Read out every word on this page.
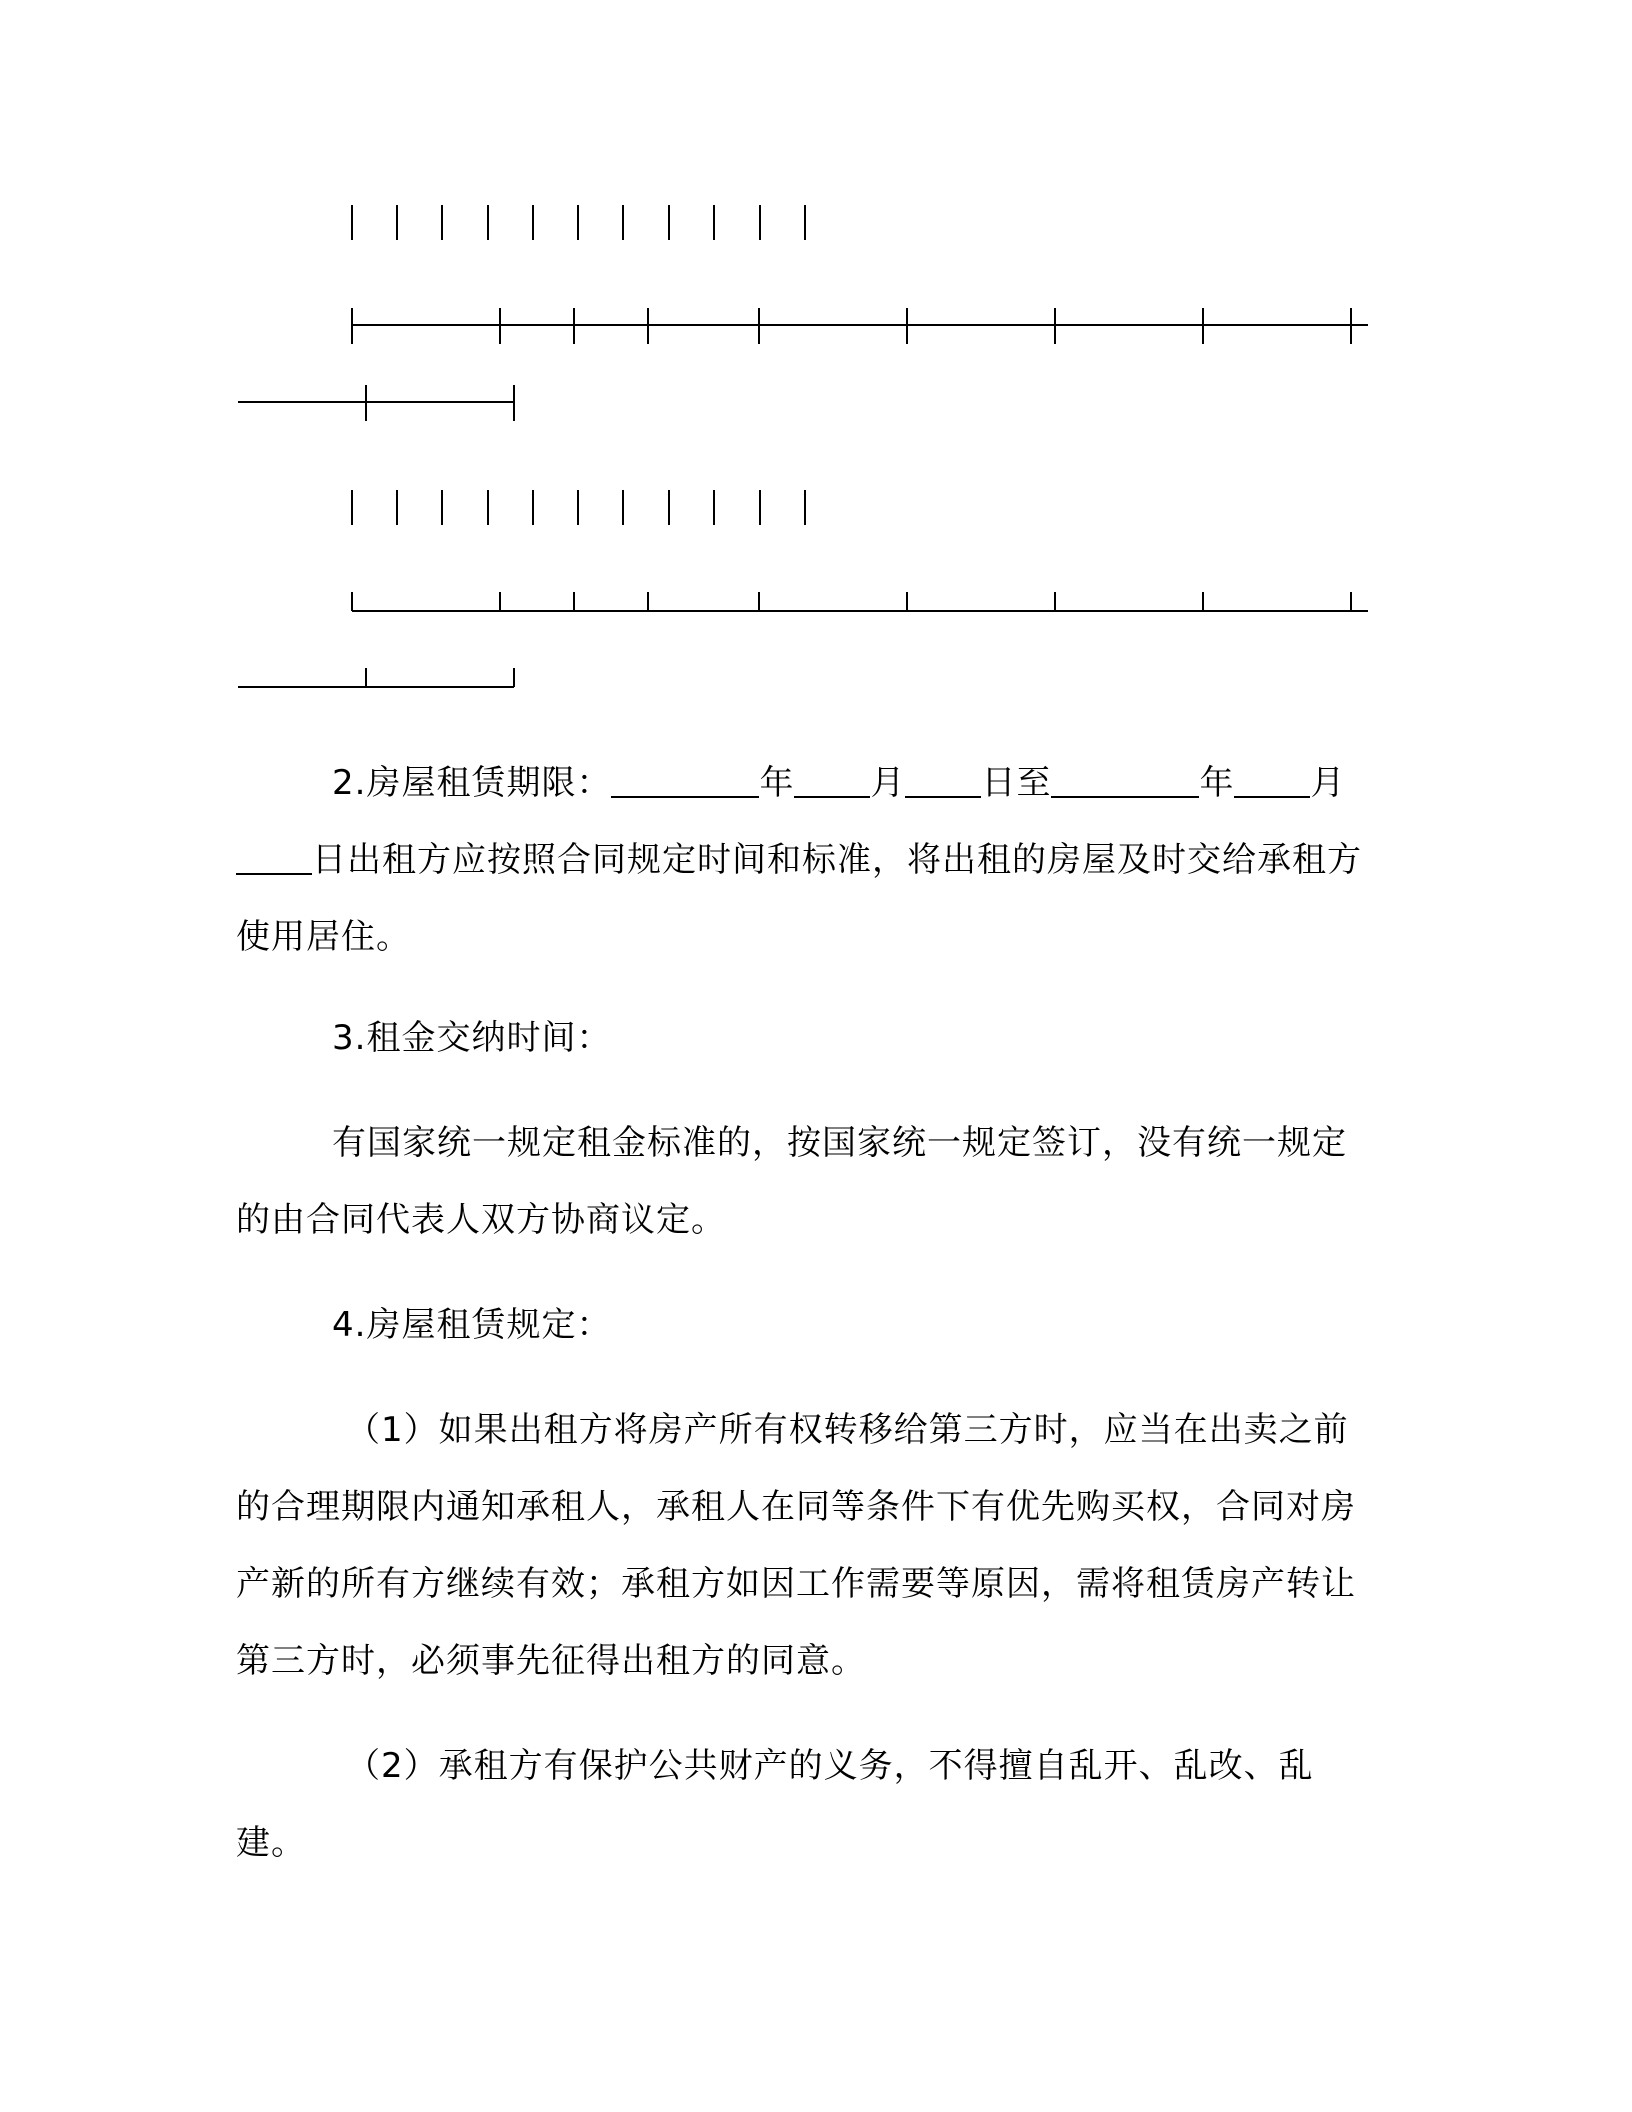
2.房屋租赁期限：	年 月 日至	年 月日出租方应按照合同规定时间和标准，将出租的房屋及时交给承租方使用居住。

3.租金交纳时间：

有国家统一规定租金标准的，按国家统一规定签订，没有统一规定的由合同代表人双方协商议定。

4.房屋租赁规定：

（1）如果出租方将房产所有权转移给第三方时，应当在出卖之前的合理期限内通知承租人，承租人在同等条件下有优先购买权，合同对房产新的所有方继续有效；承租方如因工作需要等原因，需将租赁房产转让第三方时，必须事先征得出租方的同意。

（2）承租方有保护公共财产的义务，不得擅自乱开、乱改、乱建。
